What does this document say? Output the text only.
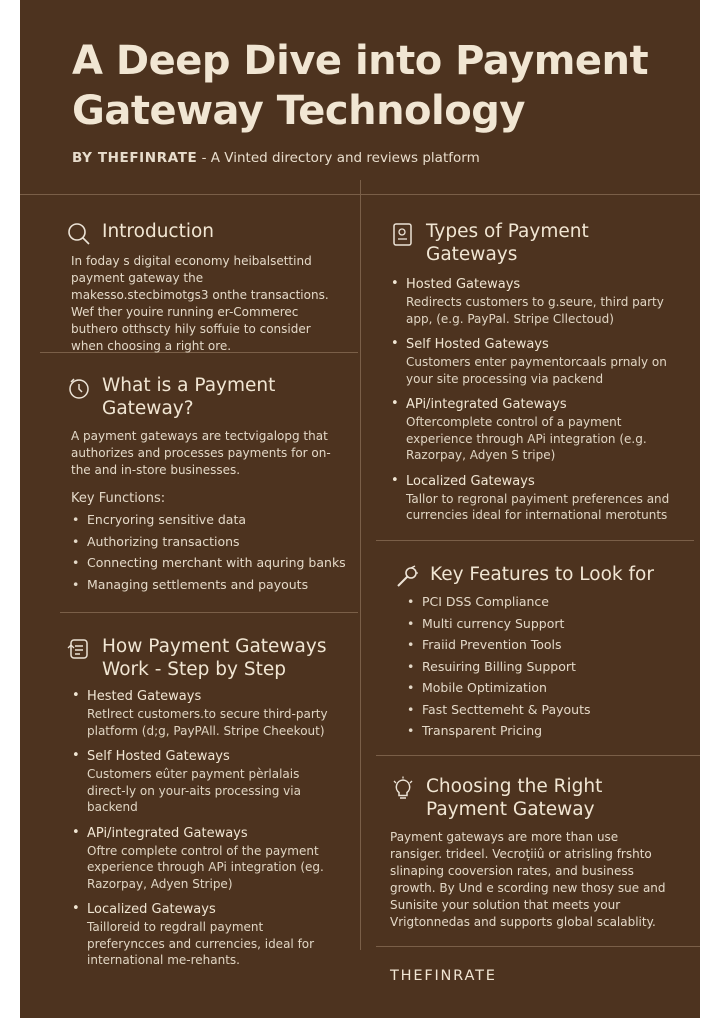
A Deep Dive into Payment
Gateway Technology
BY THEFINRATE - A Vinted directory and reviews platform
Introduction

In foday s digital economy heibalsettind payment gateway the makesso.stecbimotgs3 onthe transactions. Wef ther youire running er-Commerec buthero otthscty hily soffuie to consider when choosing a right ore.

What is a Payment Gateway?

A payment gateways are tectvigalopg that authorizes and processes payments for on-the and in-store businesses.

Key Functions:

• Encryoring sensitive data
• Authorizing transactions
• Connecting merchant with aquring banks
• Managing settlements and payouts
How Payment Gateways Work - Step by Step
• Hested Gateways
Retlrect customers.to secure third-party platform (d;g, PayPAll. Stripe Cheekout)
• Self Hosted Gateways
Customers eûter payment pèrlalais direct-ly on your-aits processing via backend
• APi/integrated Gateways
Oftre complete control of the payment experience through APi integration (eg. Razorpay, Adyen Stripe)
• Localized Gateways
Tailloreid to regdrall payment preferyncces and currencies, ideal for international me-rehants.
Types of Payment Gateways
• Hosted Gateways
Redirects customers to g.seure, third party app, (e.g. PayPal. Stripe Cllectoud)
• Self Hosted Gateways
Customers enter paymentorcaals prnaly on your site processing via packend
• APi/integrated Gateways
Oftercomplete control of a payment experience through APi integration (e.g. Razorpay, Adyen S tripe)
• Localized Gateways
Tallor to regronal payiment preferences and currencies ideal for international merotunts
Key Features to Look for
• PCI DSS Compliance
• Multi currency Support
• Fraiid Prevention Tools
• Resuiring Billing Support
• Mobile Optimization
• Fast Secttemeht & Payouts
• Transparent Pricing
Choosing the Right Payment Gateway

Payment gateways are more than use ransiger. trideel. Vecroțiiû or atrisling frshto slinaping cooversion rates, and business growth. By Und e scording new thosy sue and Sunisite your solution that meets your Vrigtonnedas and supports global scalablity.

THEFINRATE
